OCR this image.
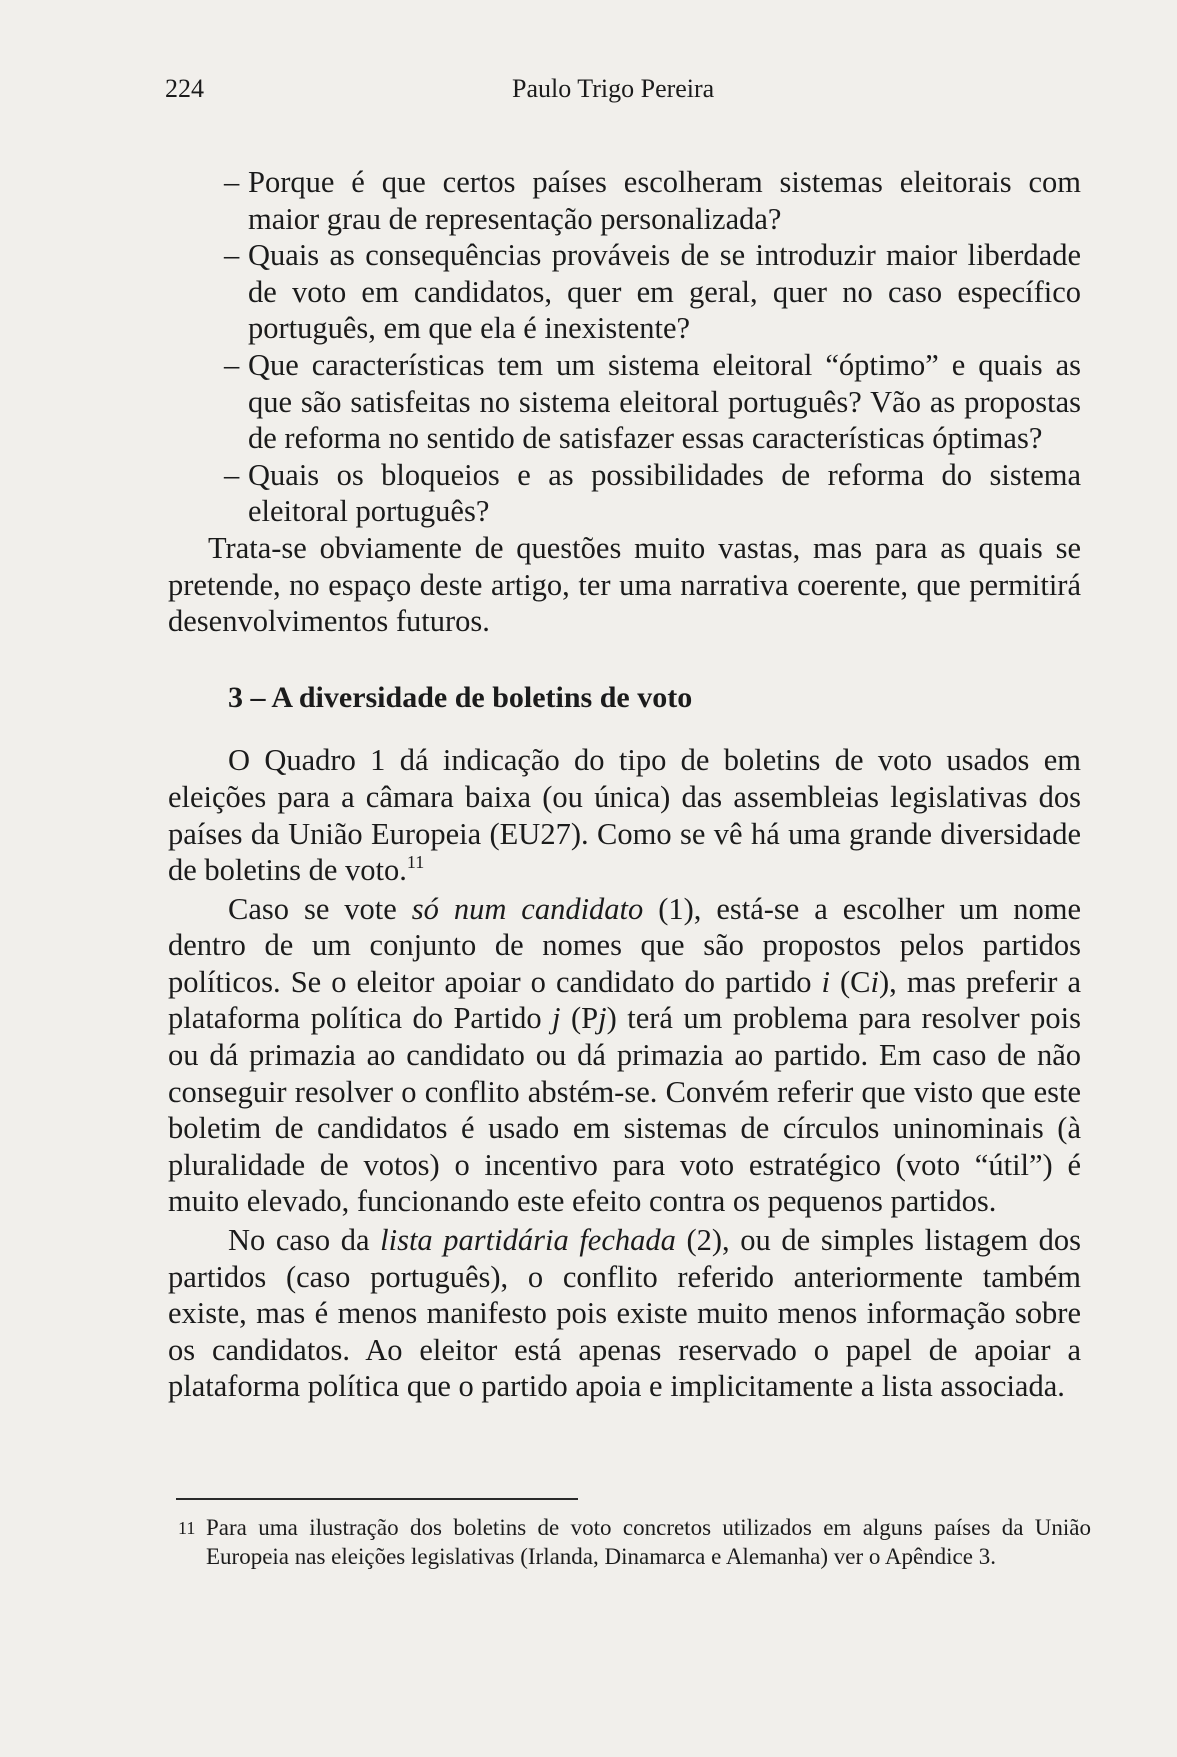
224	Paulo Trigo Pereira
– Porque é que certos países escolheram sistemas eleitorais com maior grau de representação personalizada?
– Quais as consequências prováveis de se introduzir maior liberdade de voto em candidatos, quer em geral, quer no caso específico português, em que ela é inexistente?
– Que características tem um sistema eleitoral “óptimo” e quais as que são satisfeitas no sistema eleitoral português? Vão as propostas de reforma no sentido de satisfazer essas características óptimas?
– Quais os bloqueios e as possibilidades de reforma do sistema eleitoral português?

Trata-se obviamente de questões muito vastas, mas para as quais se pretende, no espaço deste artigo, ter uma narrativa coerente, que permitirá desenvolvimentos futuros.

3 – A diversidade de boletins de voto

O Quadro 1 dá indicação do tipo de boletins de voto usados em eleições para a câmara baixa (ou única) das assembleias legislativas dos países da União Europeia (EU27). Como se vê há uma grande diversidade de boletins de voto.$^{11}$

Caso se vote só num candidato (1), está-se a escolher um nome dentro de um conjunto de nomes que são propostos pelos partidos políticos. Se o eleitor apoiar o candidato do partido i (Ci), mas preferir a plataforma política do Partido j (Pj) terá um problema para resolver pois ou dá primazia ao candidato ou dá primazia ao partido. Em caso de não conseguir resolver o conflito abstém-se. Convém referir que visto que este boletim de candidatos é usado em sistemas de círculos uninominais (à pluralidade de votos) o incentivo para voto estratégico (voto “útil”) é muito elevado, funcionando este efeito contra os pequenos partidos.

No caso da lista partidária fechada (2), ou de simples listagem dos partidos (caso português), o conflito referido anteriormente também existe, mas é menos manifesto pois existe muito menos informação sobre os candidatos. Ao eleitor está apenas reservado o papel de apoiar a plataforma política que o partido apoia e implicitamente a lista associada.

11 Para uma ilustração dos boletins de voto concretos utilizados em alguns países da União Europeia nas eleições legislativas (Irlanda, Dinamarca e Alemanha) ver o Apêndice 3.
